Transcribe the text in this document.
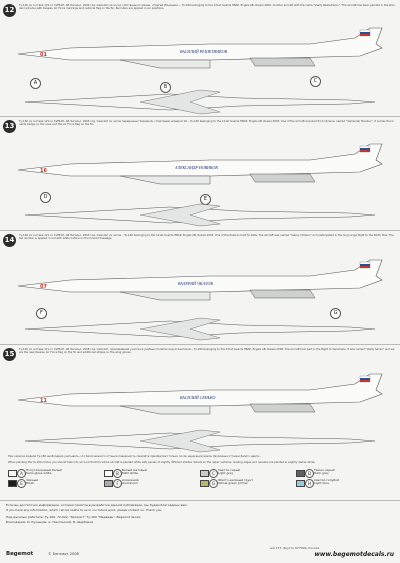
12
Ту-160 из состава 121-го ГвТБАП, АБ Энгельс, 2000 год. Самолёт не носил собственного имени. «Сергей Ильюшин»... Tu-160 belonging to the 121st Guards HBAP, Engels AB, Russia 2000. Another aircraft with the name "Vasily Reshetnikov". The aircraft has been painted in the standard scheme with Russian Air Force markings and national flag on the fin. Red stars are applied in six positions.
ВАСИЛИЙ РЕШЕТНИКОВ
01
A
B
C
13
Ту-160 из состава 121-го ГвТБАП, АБ Энгельс, 2005 год. Самолёт из числа переданных Украиной, с бортовым номером 16... Tu-160 belonging to the 121st Guards HBAP, Engels AB, Russia 2005. One of the aircraft acquired from Ukraine, named "Alexander Novikov". It carries the Guards badge on the nose and the Air Force flag on the fin.
АЛЕКСАНДР НОВИКОВ
16
D	E
14
Ту-160 из состава 121-го ГвТБАП, АБ Энгельс, 2005 год. Самолёт из числа... Tu-160 belonging to the 121st Guards HBAP, Engels AB, Russia 2005. One of the Russian built Tu-160s. The aircraft was named "Valery Chkalov" and participated in the long range flight to the North Pole. The tail number is applied in red with white outline on the forward fuselage.
ВАЛЕРИЙ ЧКАЛОВ
07
F	G
15
Ту-160 из состава 121-го ГвТБАП, АБ Энгельс, 2008 год. Самолёт, принимавший участие в учебных полётах над Атлантикой... Tu-160 belonging to the 121st Guards HBAP, Engels AB, Russia 2008. The aircraft took part in the flight to Venezuela. It was named "Vasily Senko" and wears the new Russian Air Force flag on the fin and additional stripes on the wing gloves.
ВАСИЛИЙ СЕНЬКО
11
При окраске модели Ту-160 необходимо учитывать, что белоснежного оттенка поверхность самолёта приобретает только после нанесения эмали. Различные оттенки белого цвета...
When painting the Tu-160 model, you should take into account that the whole aircraft is painted white with panels of slightly different shades. Panels on the upper surfaces, leading edges and nacelles are painted in slightly darker white.
A
Полуглянцевый белый
Semi-gloss white	B
Белый матовый
Matt white	C
Светло-серый
Light grey	D
Тёмно-серый
Dark grey
E
Чёрный
Black	F
Алюминий
Aluminium	G
Жёлто-зелёный грунт
Yellow-green primer	H
Светло-голубой
Light blue
Если вы достаточно информации, которая помогла в разработке данной публикации, мы будем благодарны вам.
If you have any information, which can be useful to us in our future work, please contact us. Thank you.
Над декалью работали: Ту-160, 72-022, "Бегемот" Ту-160 "Медведь", Begemot decals
Благодарим: И. Кузнецов, А. Никольский, В. Щербаков
Begemot	© Бегемот 2008
а/я 177, Якутск 677000, Россия
www.begemotdecals.ru
